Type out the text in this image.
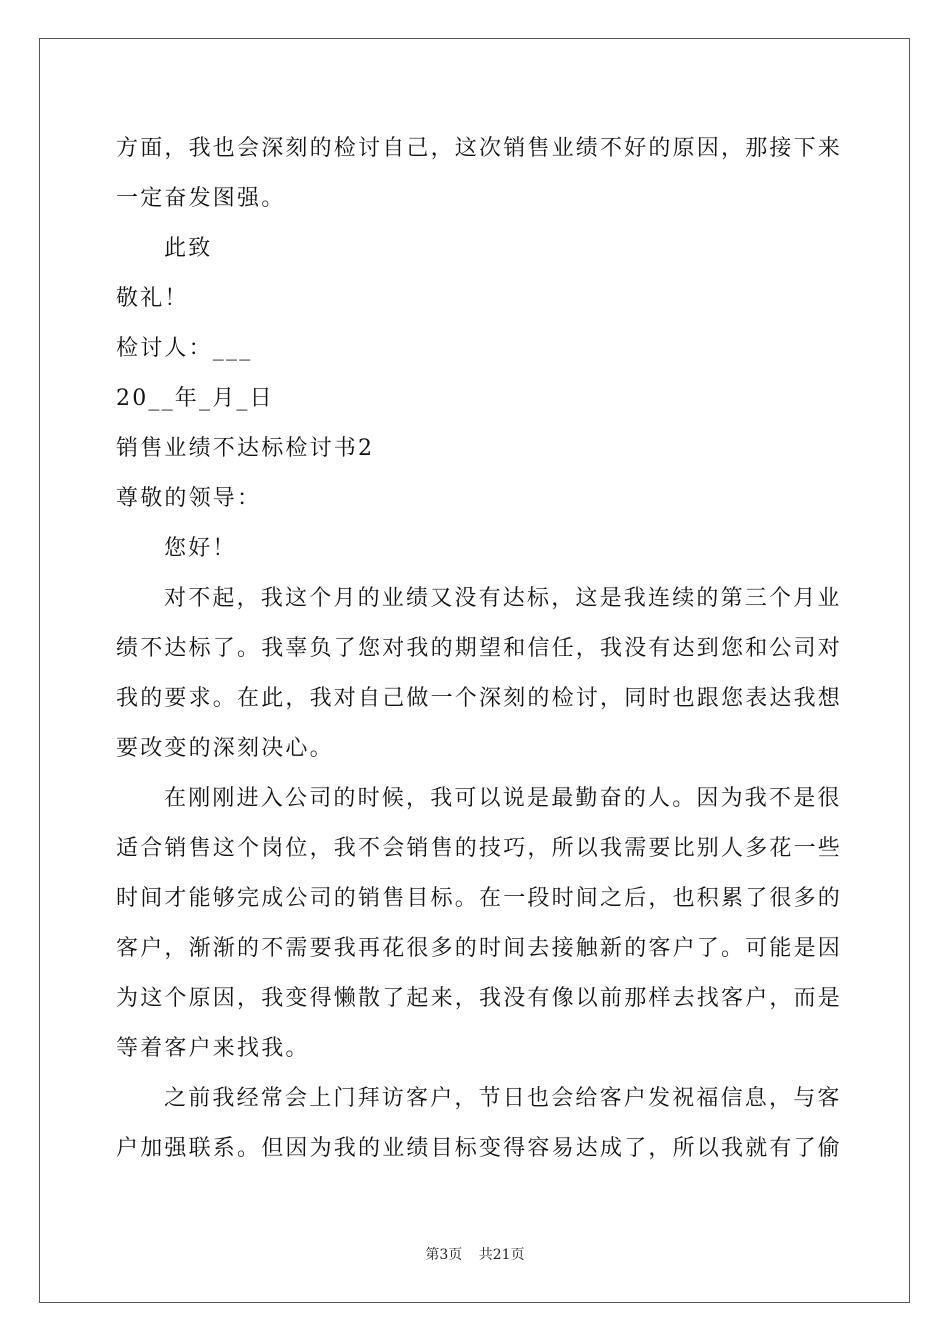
方面，我也会深刻的检讨自己，这次销售业绩不好的原因，那接下来
一定奋发图强。
此致
敬礼！
检讨人：___
20__年_月_日
销售业绩不达标检讨书2
尊敬的领导：
您好！
对不起，我这个月的业绩又没有达标，这是我连续的第三个月业
绩不达标了。我辜负了您对我的期望和信任，我没有达到您和公司对
我的要求。在此，我对自己做一个深刻的检讨，同时也跟您表达我想
要改变的深刻决心。
在刚刚进入公司的时候，我可以说是最勤奋的人。因为我不是很
适合销售这个岗位，我不会销售的技巧，所以我需要比别人多花一些
时间才能够完成公司的销售目标。在一段时间之后，也积累了很多的
客户，渐渐的不需要我再花很多的时间去接触新的客户了。可能是因
为这个原因，我变得懒散了起来，我没有像以前那样去找客户，而是
等着客户来找我。
之前我经常会上门拜访客户，节日也会给客户发祝福信息，与客
户加强联系。但因为我的业绩目标变得容易达成了，所以我就有了偷
第3页 共21页
